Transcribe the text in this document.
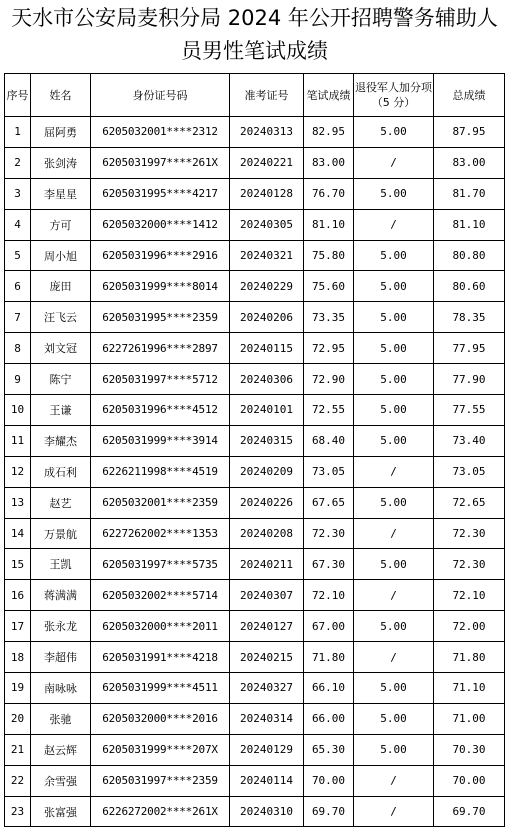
天水市公安局麦积分局 2024 年公开招聘警务辅助人
员男性笔试成绩
序号	姓名	身份证号码	准考证号	笔试成绩	退役军人加分项（5 分）	总成绩
1	屈阿勇	6205032001****2312	20240313	82.95	5.00	87.95
2	张剑涛	6205031997****261X	20240221	83.00	/	83.00
3	李星星	6205031995****4217	20240128	76.70	5.00	81.70
4	方可	6205032000****1412	20240305	81.10	/	81.10
5	周小旭	6205031996****2916	20240321	75.80	5.00	80.80
6	庞田	6205031999****8014	20240229	75.60	5.00	80.60
7	汪飞云	6205031995****2359	20240206	73.35	5.00	78.35
8	刘文冠	6227261996****2897	20240115	72.95	5.00	77.95
9	陈宁	6205031997****5712	20240306	72.90	5.00	77.90
10	王谦	6205031996****4512	20240101	72.55	5.00	77.55
11	李耀杰	6205031999****3914	20240315	68.40	5.00	73.40
12	成石利	6226211998****4519	20240209	73.05	/	73.05
13	赵艺	6205032001****2359	20240226	67.65	5.00	72.65
14	万景航	6227262002****1353	20240208	72.30	/	72.30
15	王凯	6205031997****5735	20240211	67.30	5.00	72.30
16	蒋满满	6205032002****5714	20240307	72.10	/	72.10
17	张永龙	6205032000****2011	20240127	67.00	5.00	72.00
18	李超伟	6205031991****4218	20240215	71.80	/	71.80
19	南咏咏	6205031999****4511	20240327	66.10	5.00	71.10
20	张驰	6205032000****2016	20240314	66.00	5.00	71.00
21	赵云辉	6205031999****207X	20240129	65.30	5.00	70.30
22	余雪强	6205031997****2359	20240114	70.00	/	70.00
23	张富强	6226272002****261X	20240310	69.70	/	69.70
